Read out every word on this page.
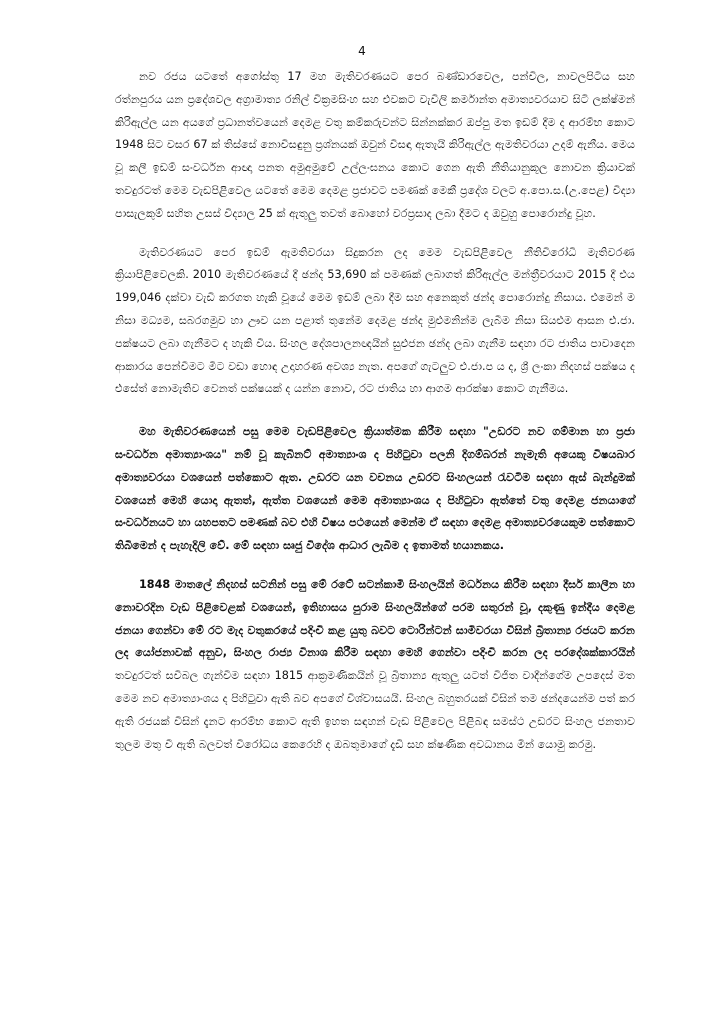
4

නව රජය යටතේ අගෝස්තු 17 මහ මැතිවරණයට පෙර බණ්ඩාරවෙල, පන්විල, නාවලපිටිය සහ රත්නපුරය යන ප්‍රදේශවල අග්‍රාමාත්‍ය රනිල් වික්‍රමසිංහ සහ එවකට වැවිලි කර්මාන්ත අමාත්‍යවරයාව සිටි ලක්ෂ්මන් කිරිඇල්ල යන අයගේ ප්‍රධානත්වයෙන් දෙමළ වතු කම්කරුවන්ට සින්නක්කර ඔප්පු මත ඉඩම් දීම ද ආරම්භ කොට 1948 සිට වසර 67 ක් තිස්සේ නොවිසඳුනු ප්‍රශ්නයක් ඔවුන් විසඳා ඇතැයි කිරිඇල්ල ඇමතිවරයා උදම් ඇනීය. මෙය වූ කලී ඉඩම් සංවර්ධන ආඥා පනත අමුඅමුවේ උල්ලංඝනය කොට ගෙන ඇති නීතියානුකූල නොවන ක්‍රියාවක් තවදුරටත් මෙම වැඩපිළිවෙල යටතේ මෙම දෙමළ ප්‍රජාවට පමණක් මෙකී ප්‍රදේශ වලට අ.පො.ස.(උ.පෙළ) විද්‍යා පාසැලකුම් සහිත උසස් විද්‍යාල 25 ක් ඇතුලු තවත් බොහෝ වරප්‍රසාද ලබා දීමට ද ඔවුහු පොරොන්දු වූහ.

මැතිවරණයට පෙර ඉඩම් ඇමතිවරයා සිදුකරන ලද මෙම වැඩපිළිවෙල නීතිවිරෝධී මැතිවරණ ක්‍රියාපිළිවෙලකි. 2010 මැතිවරණයේ දී ඡන්ද 53,690 ක් පමණක් ලබාගත් කිරිඇල්ල මන්ත්‍රීවරයාට 2015 දී එය 199,046 දක්වා වැඩි කරගත හැකි වූයේ මෙම ඉඩම් ලබා දීම සහ අනෙකුත් ඡන්ද පොරොන්දු නිසාය. එමෙන් ම නිසා මධ්‍යම, සබරගමුව හා ඌව යන පළාත් තුනේම දෙමළ ඡන්ද මුළුමනින්ම ලැබීම නිසා සියළුම ආසන එ.ජා. පක්ෂයට ලබා ගැනීමට ද හැකි විය. සිංහල දේශපාලනඥයින් සුළුජන ඡන්ද ලබා ගැනීම සඳහා රට ජාතිය පාවාදෙන ආකාරය පෙන්වීමට මීට වඩා හොඳ උදාහරණ අවශ්‍ය නැත. අපගේ ගැටලුව එ.ජා.ප ය ද, ශ්‍රී ලංකා නිදහස් පක්ෂය ද එසේත් නොමැතිව වෙනත් පක්ෂයක් ද යන්න නොව, රට ජාතිය හා ආගම ආරක්ෂා කොට ගැනීමය.

මහ මැතිවරණයෙන් පසු මෙම වැඩපිළිවෙල ක්‍රියාත්මක කිරීම සඳහා "උඩරට නව ගම්මාන හා ප්‍රජා සංවර්ධන අමාත්‍යාංශය" නම් වූ කැබිනට් අමාත්‍යාංශ ද පිහිටුවා පලනි දිගම්බරන් නැමැති අයෙකු විෂයබාර අමාත්‍යවරයා වශයෙන් පත්කොට ඇත. උඩරට යන වචනය උඩරට සිංහලයන් රැවටීම සඳහා ඇස් බැන්දුමක් වශයෙන් මෙහි යොදා ඇතත්, ඇත්ත වශයෙන් මෙම අමාත්‍යාංශය ද පිහිටුවා ඇත්තේ වතු දෙමළ ජනයාගේ සංවර්ධනයට හා යහපතට පමණක් බව එහි විෂය පථයෙන් මෙන්ම ඒ සඳහා දෙමළ අමාත්‍යවරයෙකුම පත්කොට තිබීමෙන් ද පැහැදිලි වේ. මේ සඳහා සෘජු විදේශ ආධාර ලැබීම ද ඉතාමත් භයානකය.

1848 මාතලේ නිදහස් සටනින් පසු මේ රටේ සටන්කාමී සිංහලයින් මර්ධනය කිරීම සඳහා දීර්ඝ කාලීන හා නොවරදින වැඩ පිළිවෙළක් වශයෙන්, ඉතිහාසය පුරාම සිංහලයින්ගේ පරම සතුරන් වූ, දකුණු ඉන්දීය දෙමළ ජනයා ගෙන්වා මේ රට මැද වතුකරයේ පදිංචි කළ යුතු බවට ටොරින්ටන් සාමිවරයා විසින් බ්‍රිතාන්‍ය රජයට කරන ලද යෝජනාවක් අනුව, සිංහල රාජ්‍ය විනාශ කිරීම සඳහා මෙහි ගෙන්වා පදිංචි කරන ලද පරදේශක්කාරයින් තවදුරටත් සවිබල ගැන්වීම සඳහා 1815 ආක්‍රමණිකයින් වූ බ්‍රිතාන්‍ය ඇතුලු යටත් විජිත වාදීන්ගේම උපදෙස් මත මෙම නව අමාත්‍යාංශය ද පිහිටුවා ඇති බව අපගේ විශ්වාසයයි. සිංහල බහුතරයක් විසින් තම ඡන්දයෙන්ම පත් කර ඇති රජයක් විසින් දැනට ආරම්භ කොට ඇති ඉහත සඳහන් වැඩ පිළිවෙල පිළිබඳ සමස්ථ උඩරට සිංහල ජනතාව තුලම මතු වී ඇති බලවත් විරෝධය කෙරෙහි ද ඔබතුමාගේ දැඩි සහ ක්ෂණික අවධානය මින් යොමු කරමු.
